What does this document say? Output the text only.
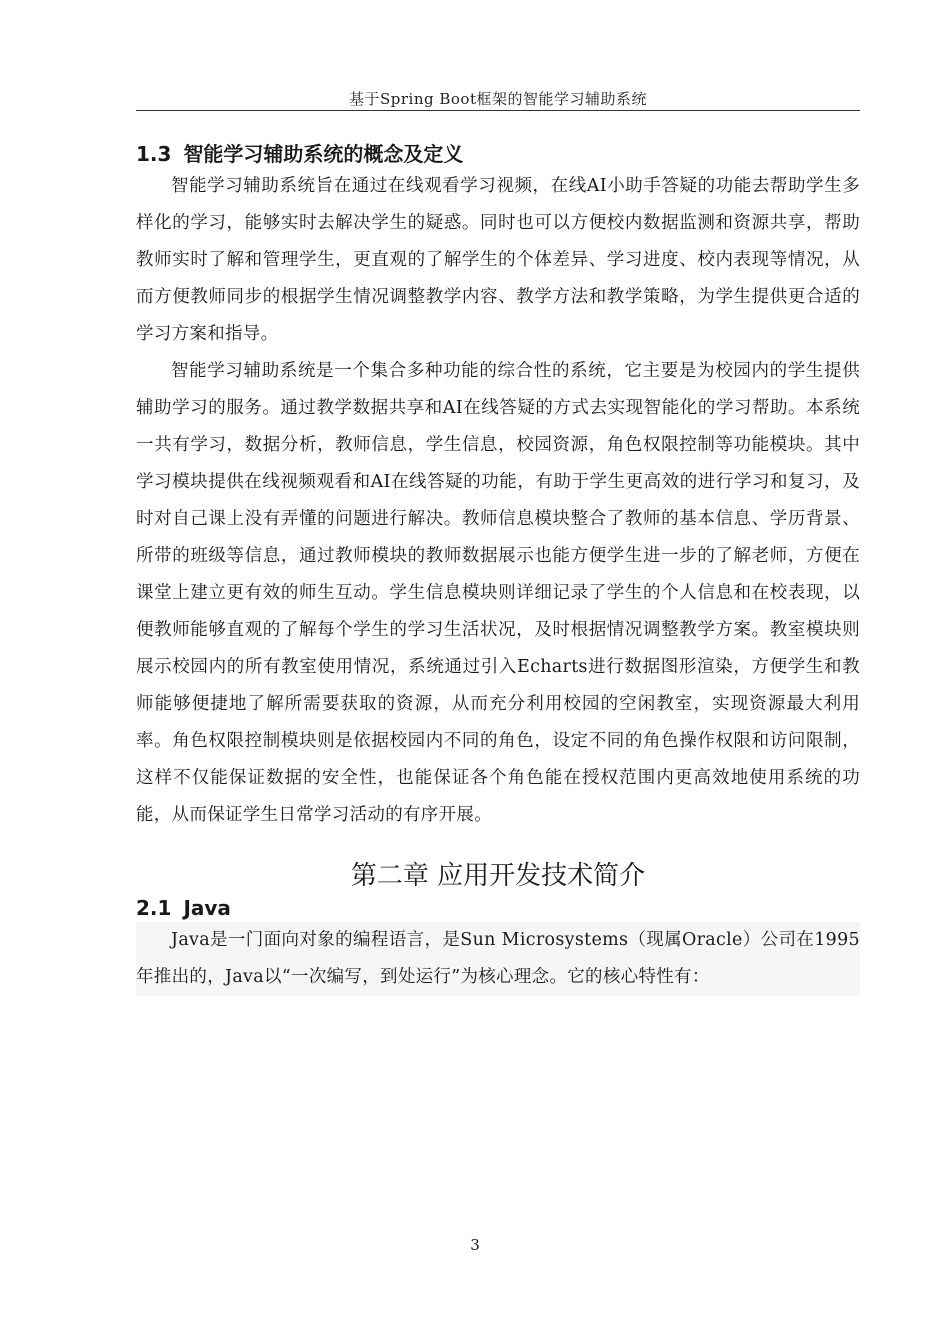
基于Spring Boot框架的智能学习辅助系统
1.3 智能学习辅助系统的概念及定义

智能学习辅助系统旨在通过在线观看学习视频，在线AI小助手答疑的功能去帮助学生多样化的学习，能够实时去解决学生的疑惑。同时也可以方便校内数据监测和资源共享，帮助教师实时了解和管理学生，更直观的了解学生的个体差异、学习进度、校内表现等情况，从而方便教师同步的根据学生情况调整教学内容、教学方法和教学策略，为学生提供更合适的学习方案和指导。

智能学习辅助系统是一个集合多种功能的综合性的系统，它主要是为校园内的学生提供辅助学习的服务。通过教学数据共享和AI在线答疑的方式去实现智能化的学习帮助。本系统一共有学习，数据分析，教师信息，学生信息，校园资源，角色权限控制等功能模块。其中学习模块提供在线视频观看和AI在线答疑的功能，有助于学生更高效的进行学习和复习，及时对自己课上没有弄懂的问题进行解决。教师信息模块整合了教师的基本信息、学历背景、所带的班级等信息，通过教师模块的教师数据展示也能方便学生进一步的了解老师，方便在课堂上建立更有效的师生互动。学生信息模块则详细记录了学生的个人信息和在校表现，以便教师能够直观的了解每个学生的学习生活状况，及时根据情况调整教学方案。教室模块则展示校园内的所有教室使用情况，系统通过引入Echarts进行数据图形渲染，方便学生和教师能够便捷地了解所需要获取的资源，从而充分利用校园的空闲教室，实现资源最大利用率。角色权限控制模块则是依据校园内不同的角色，设定不同的角色操作权限和访问限制，这样不仅能保证数据的安全性，也能保证各个角色能在授权范围内更高效地使用系统的功能，从而保证学生日常学习活动的有序开展。

第二章 应用开发技术简介
2.1 Java

Java是一门面向对象的编程语言，是Sun Microsystems（现属Oracle）公司在1995年推出的，Java以“一次编写，到处运行”为核心理念。它的核心特性有：

3
